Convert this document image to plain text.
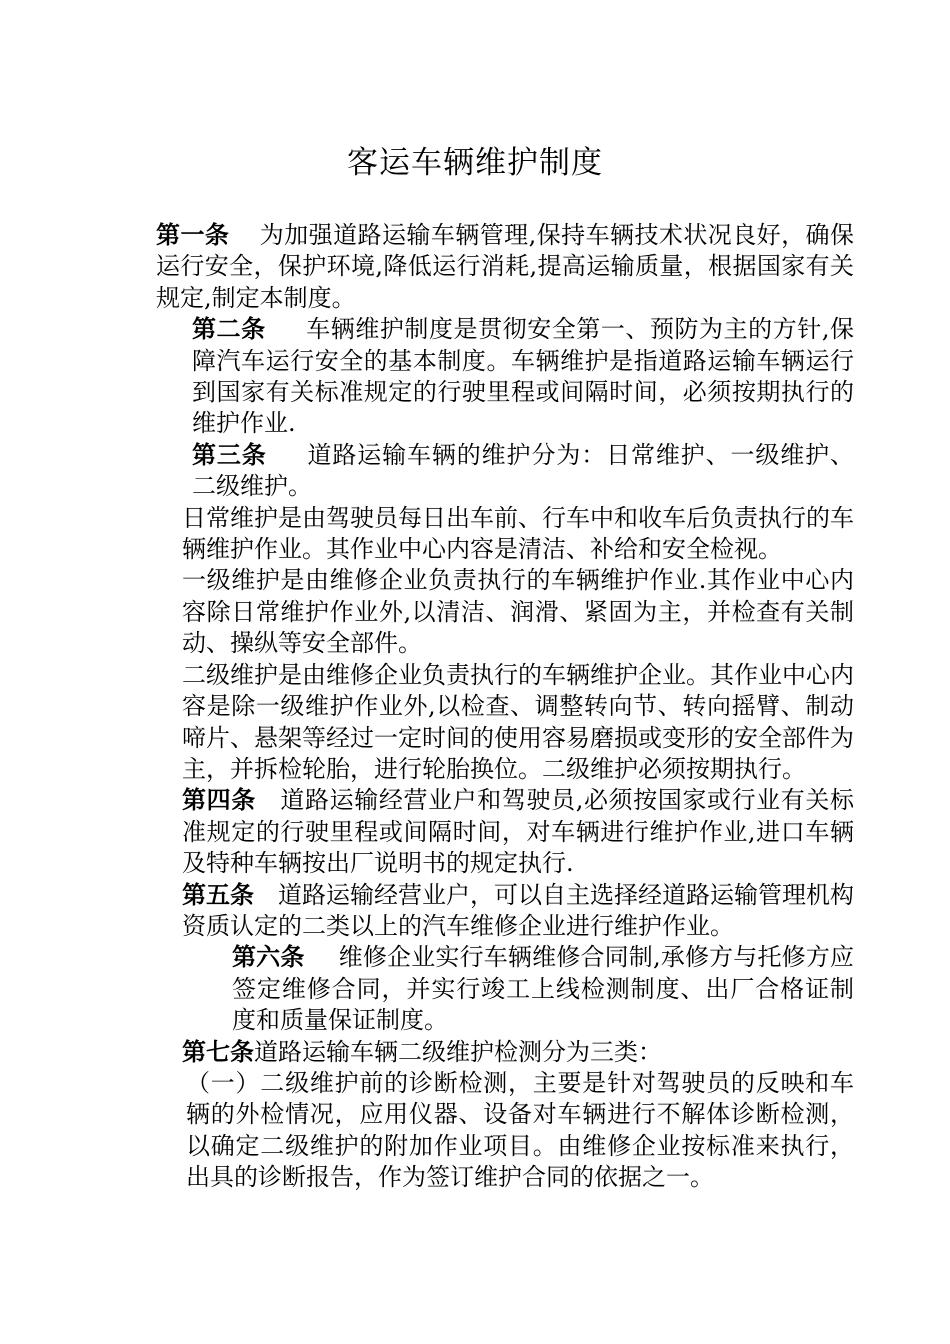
客运车辆维护制度

第一条 为加强道路运输车辆管理,保持车辆技术状况良好，确保运行安全，保护环境,降低运行消耗,提高运输质量，根据国家有关规定,制定本制度。

第二条 车辆维护制度是贯彻安全第一、预防为主的方针,保障汽车运行安全的基本制度。车辆维护是指道路运输车辆运行到国家有关标准规定的行驶里程或间隔时间，必须按期执行的维护作业.

第三条 道路运输车辆的维护分为：日常维护、一级维护、二级维护。

日常维护是由驾驶员每日出车前、行车中和收车后负责执行的车辆维护作业。其作业中心内容是清洁、补给和安全检视。

一级维护是由维修企业负责执行的车辆维护作业.其作业中心内容除日常维护作业外,以清洁、润滑、紧固为主，并检查有关制动、操纵等安全部件。

二级维护是由维修企业负责执行的车辆维护企业。其作业中心内容是除一级维护作业外,以检查、调整转向节、转向摇臂、制动啼片、悬架等经过一定时间的使用容易磨损或变形的安全部件为主，并拆检轮胎，进行轮胎换位。二级维护必须按期执行。

第四条 道路运输经营业户和驾驶员,必须按国家或行业有关标准规定的行驶里程或间隔时间，对车辆进行维护作业,进口车辆及特种车辆按出厂说明书的规定执行.

第五条 道路运输经营业户，可以自主选择经道路运输管理机构资质认定的二类以上的汽车维修企业进行维护作业。

第六条 维修企业实行车辆维修合同制,承修方与托修方应签定维修合同，并实行竣工上线检测制度、出厂合格证制度和质量保证制度。

第七条道路运输车辆二级维护检测分为三类：

（一）二级维护前的诊断检测，主要是针对驾驶员的反映和车辆的外检情况，应用仪器、设备对车辆进行不解体诊断检测，以确定二级维护的附加作业项目。由维修企业按标准来执行，出具的诊断报告，作为签订维护合同的依据之一。
